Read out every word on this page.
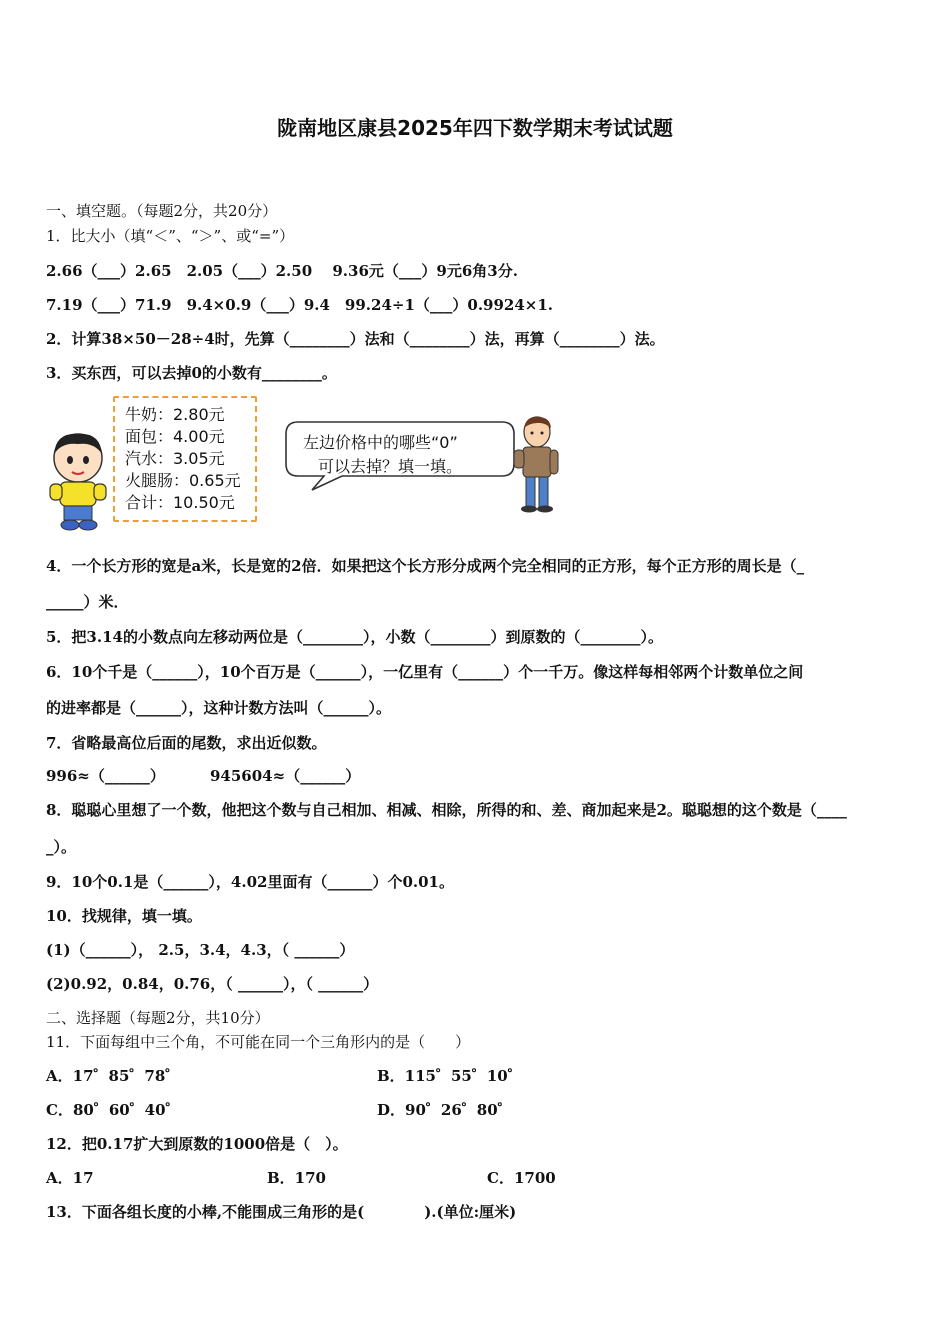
陇南地区康县2025年四下数学期末考试试题
一、填空题。（每题2分，共20分）
1．比大小（填“＜”、“＞”、或“=”）
2.66（___）2.65　2.05（___）2.50　 9.36元（___）9元6角3分.
7.19（___）71.9　9.4×0.9（___）9.4　99.24÷1（___）0.9924×1.
2．计算38×50－28÷4时，先算（________）法和（________）法，再算（________）法。
3．买东西，可以去掉0的小数有________。
牛奶：2.80元
面包：4.00元
汽水：3.05元
火腿肠：0.65元
合计：10.50元
左边价格中的哪些“0”
可以去掉？填一填。
4．一个长方形的宽是a米，长是宽的2倍．如果把这个长方形分成两个完全相同的正方形，每个正方形的周长是（_
_____）米．
5．把3.14的小数点向左移动两位是（________），小数（________）到原数的（________）。
6．10个千是（______），10个百万是（______），一亿里有（______）个一千万。像这样每相邻两个计数单位之间
的进率都是（______），这种计数方法叫（______）。
7．省略最高位后面的尾数，求出近似数。
996≈（______）	945604≈（______）
8．聪聪心里想了一个数，他把这个数与自己相加、相减、相除，所得的和、差、商加起来是2。聪聪想的这个数是（____
_）。
9．10个0.1是（______），4.02里面有（______）个0.01。
10．找规律，填一填。
(1)（______）， 2.5，3.4，4.3，（ ______）
(2)0.92，0.84，0.76，（ ______），（ ______）
二、选择题（每题2分，共10分）
11．下面每组中三个角，不可能在同一个三角形内的是（　　）
A．17゜85゜78゜	B．115゜55゜10゜
C．80゜60゜40゜	D．90゜26゜80゜
12．把0.17扩大到原数的1000倍是（　）。
A．17	B．170	C．1700
13．下面各组长度的小棒,不能围成三角形的是(　　　　).(单位:厘米)
